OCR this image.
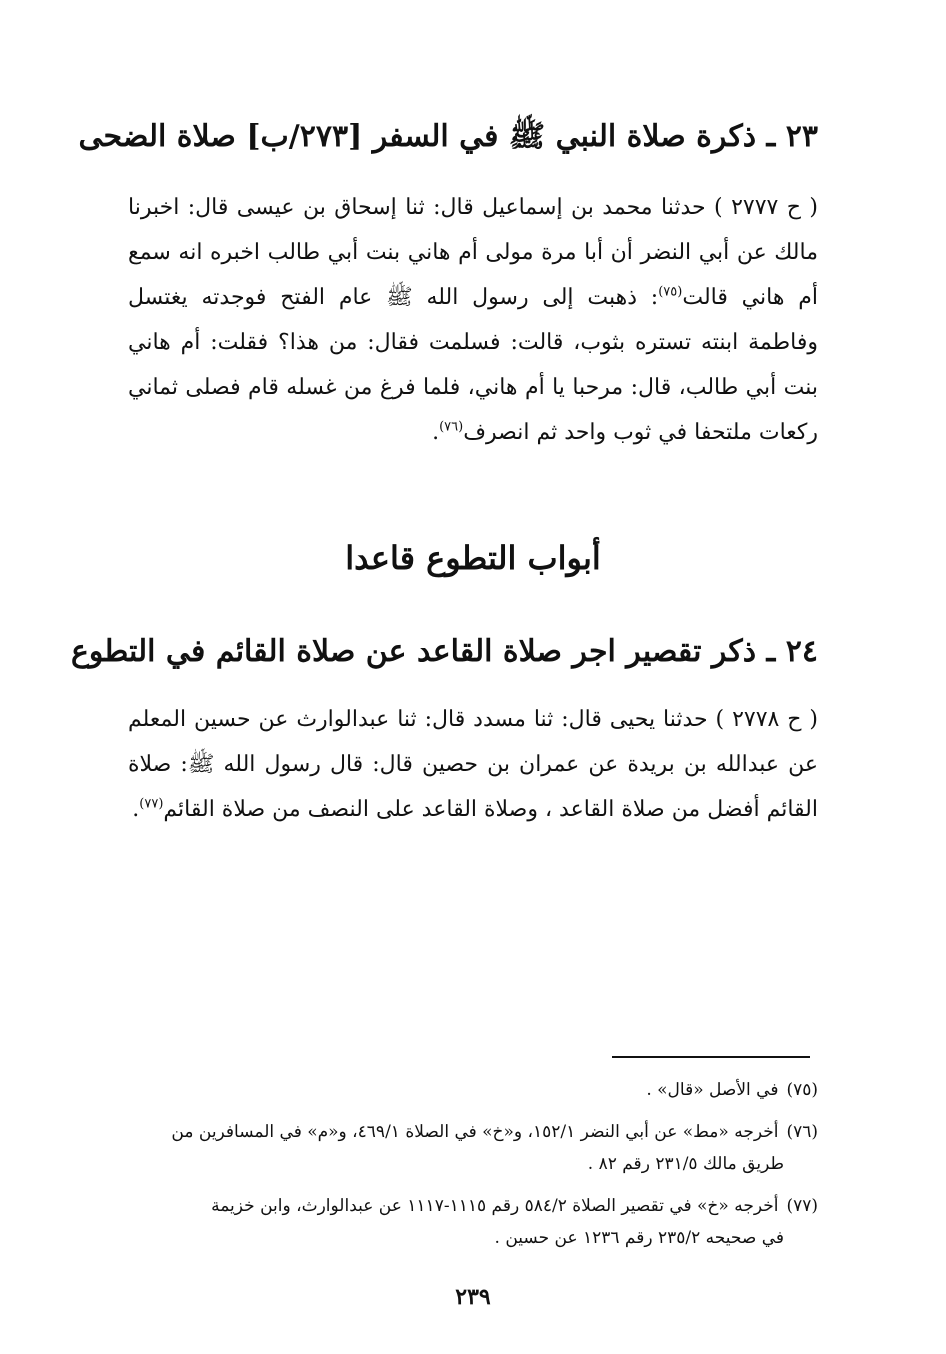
٢٣ ـ ذكرة صلاة النبي ﷺ في السفر [٢٧٣/ب] صلاة الضحى
( ح ٢٧٧٧ ) حدثنا محمد بن إسماعيل قال: ثنا إسحاق بن عيسى قال: اخبرنا مالك عن أبي النضر أن أبا مرة مولى أم هاني بنت أبي طالب اخبره انه سمع أم هاني قالت$^{(٧٥)}$: ذهبت إلى رسول الله ﷺ عام الفتح فوجدته يغتسل وفاطمة ابنته تستره بثوب، قالت: فسلمت فقال: من هذا؟ فقلت: أم هاني بنت أبي طالب، قال: مرحبا يا أم هاني، فلما فرغ من غسله قام فصلى ثماني ركعات ملتحفا في ثوب واحد ثم انصرف$^{(٧٦)}$.
أبواب التطوع قاعدا
٢٤ ـ ذكر تقصير اجر صلاة القاعد عن صلاة القائم في التطوع
( ح ٢٧٧٨ ) حدثنا يحيى قال: ثنا مسدد قال: ثنا عبدالوارث عن حسين المعلم عن عبدالله بن بريدة عن عمران بن حصين قال: قال رسول الله ﷺ: صلاة القائم أفضل من صلاة القاعد ، وصلاة القاعد على النصف من صلاة القائم$^{(٧٧)}$.
(٧٥)في الأصل «قال» .
(٧٦)أخرجه «مط» عن أبي النضر ١٥٢/١، و«خ» في الصلاة ٤٦٩/١، و«م» في المسافرين من
طريق مالك ٢٣١/٥ رقم ٨٢ .
(٧٧)أخرجه «خ» في تقصير الصلاة ٥٨٤/٢ رقم ١١١٥-١١١٧ عن عبدالوارث، وابن خزيمة
في صحيحه ٢٣٥/٢ رقم ١٢٣٦ عن حسين .
٢٣٩
